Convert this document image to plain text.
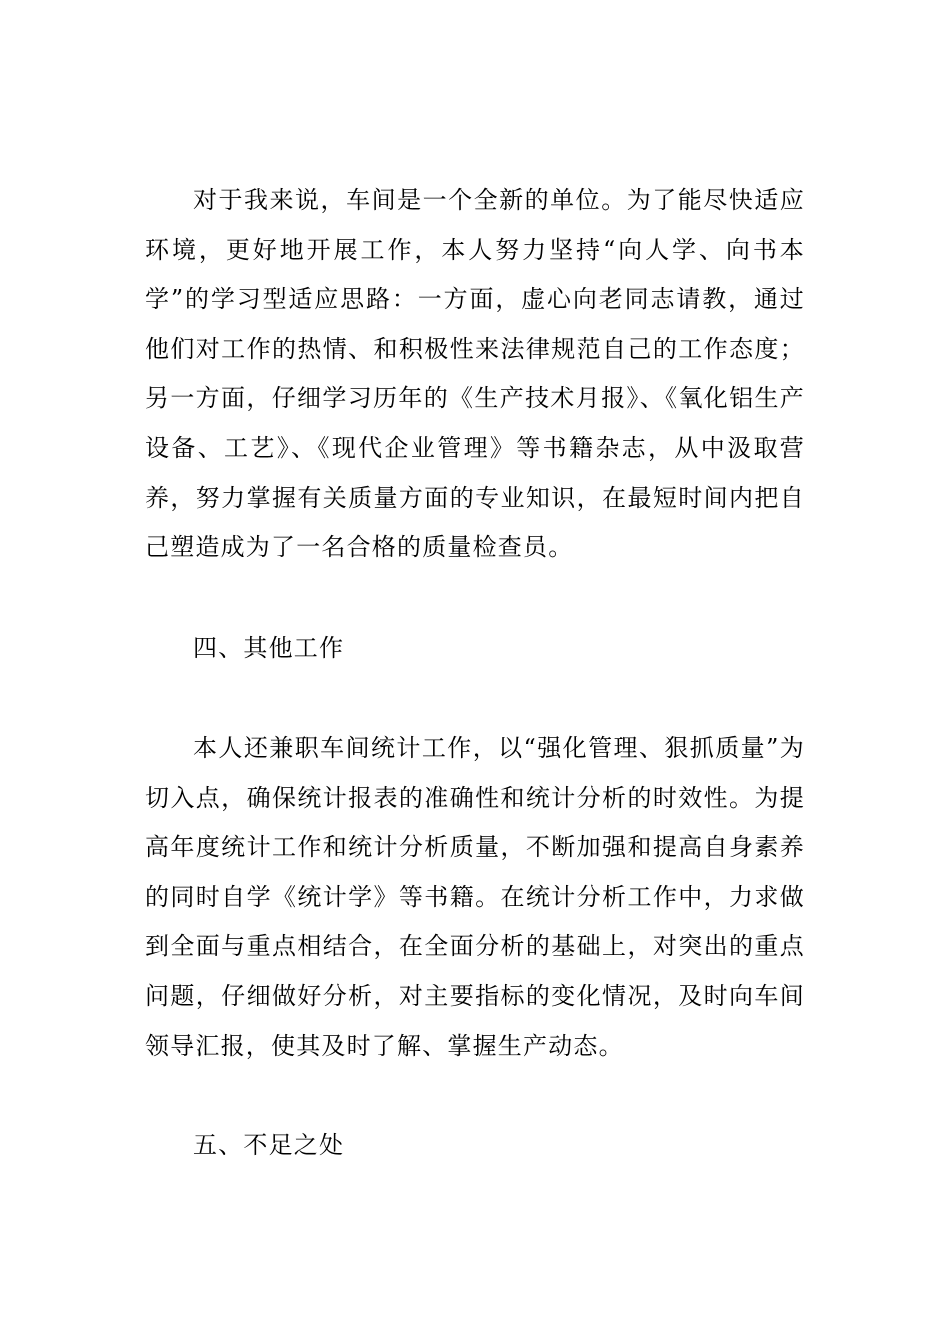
对于我来说，车间是一个全新的单位。为了能尽快适应环境，更好地开展工作，本人努力坚持“向人学、向书本学”的学习型适应思路：一方面，虚心向老同志请教，通过他们对工作的热情、和积极性来法律规范自己的工作态度；另一方面，仔细学习历年的《生产技术月报》、《氧化铝生产设备、工艺》、《现代企业管理》等书籍杂志，从中汲取营养，努力掌握有关质量方面的专业知识，在最短时间内把自己塑造成为了一名合格的质量检查员。

四、其他工作

本人还兼职车间统计工作，以“强化管理、狠抓质量”为切入点，确保统计报表的准确性和统计分析的时效性。为提高年度统计工作和统计分析质量，不断加强和提高自身素养的同时自学《统计学》等书籍。在统计分析工作中，力求做到全面与重点相结合，在全面分析的基础上，对突出的重点问题，仔细做好分析，对主要指标的变化情况，及时向车间领导汇报，使其及时了解、掌握生产动态。

五、不足之处
